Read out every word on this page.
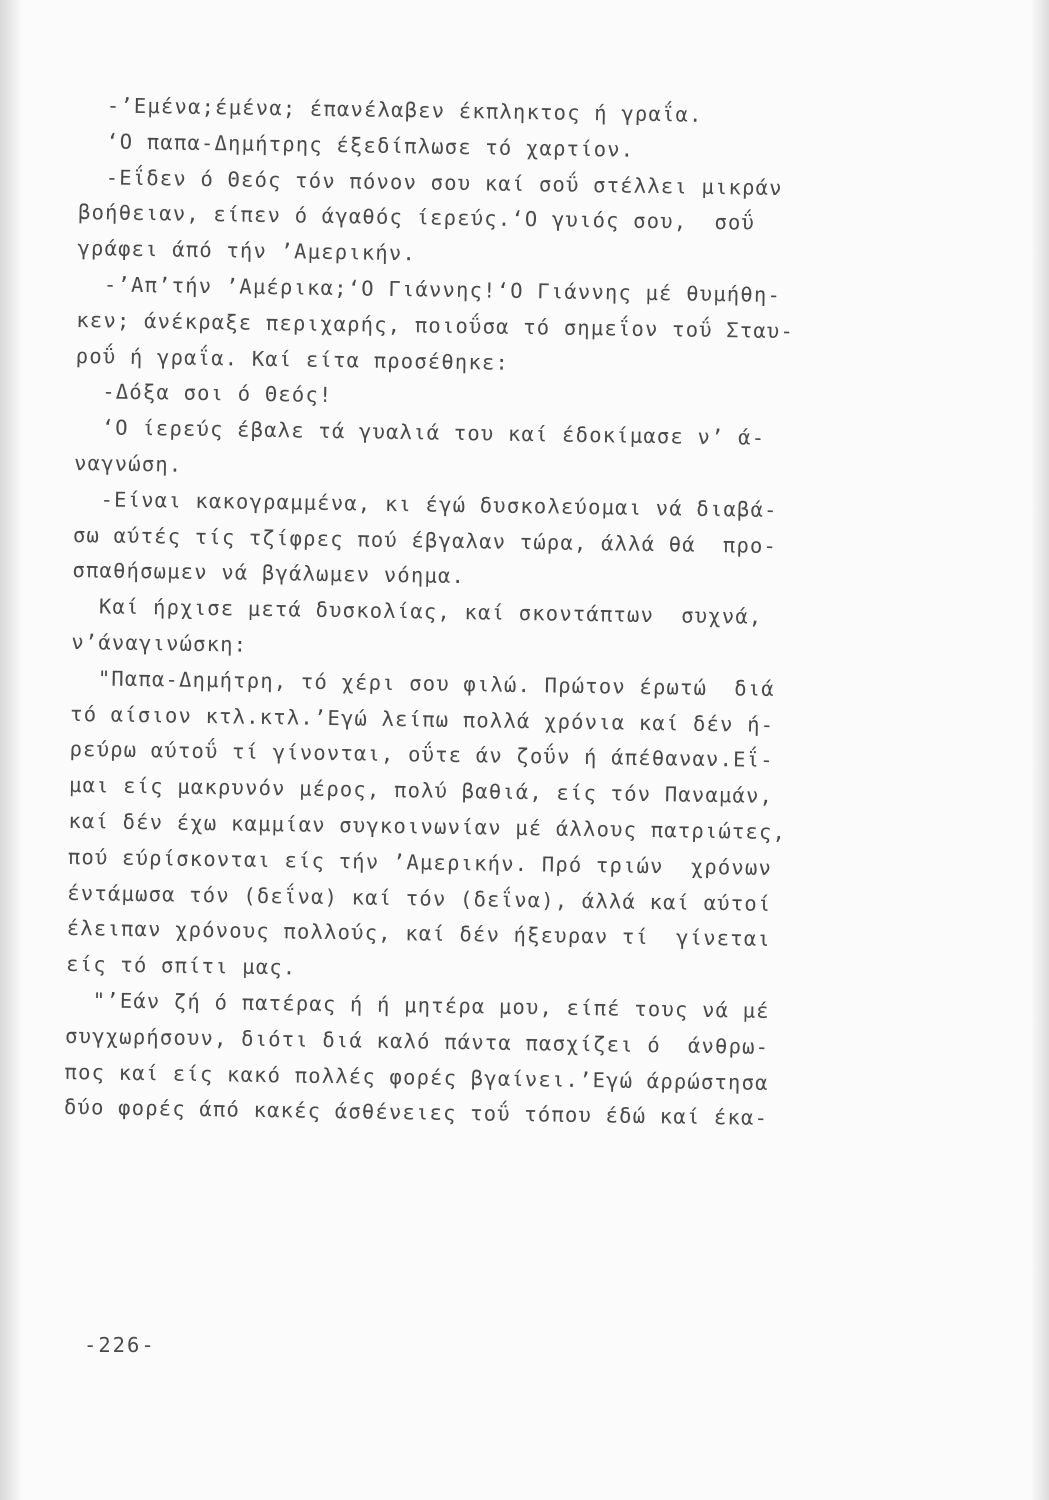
-’Εμένα;έμένα; έπανέλαβεν έκπληκτος ή γραΐα.
‘Ο παπα-Δημήτρης έξεδίπλωσε τό χαρτίον.
-Εΐδεν ό Θεός τόν πόνον σου καί σοΰ στέλλει μικράν
βοήθειαν, είπεν ό άγαθός ίερεύς.‘Ο γυιός σου,  σοΰ
γράφει άπό τήν ’Αμερικήν.
-’Απ’τήν ’Αμέρικα;‘Ο Γιάννης!‘Ο Γιάννης μέ θυμήθη-
κεν; άνέκραξε περιχαρής, ποιοΰσα τό σημεΐον τοΰ Σταυ-
ροΰ ή γραΐα. Καί είτα προσέθηκε:
-Δόξα σοι ό Θεός!
‘Ο ίερεύς έβαλε τά γυαλιά του καί έδοκίμασε ν’ ά-
ναγνώση.
-Είναι κακογραμμένα, κι έγώ δυσκολεύομαι νά διαβά-
σω αύτές τίς τζίφρες πού έβγαλαν τώρα, άλλά θά  προ-
σπαθήσωμεν νά βγάλωμεν νόημα.
Καί ήρχισε μετά δυσκολίας, καί σκοντάπτων  συχνά,
ν’άναγινώσκη:
"Παπα-Δημήτρη, τό χέρι σου φιλώ. Πρώτον έρωτώ  διά
τό αίσιον κτλ.κτλ.’Εγώ λείπω πολλά χρόνια καί δέν ή-
ρεύρω αύτοΰ τί γίνονται, οΰτε άν ζοΰν ή άπέθαναν.Εΐ-
μαι είς μακρυνόν μέρος, πολύ βαθιά, είς τόν Παναμάν,
καί δέν έχω καμμίαν συγκοινωνίαν μέ άλλους πατριώτες,
πού εύρίσκονται είς τήν ’Αμερικήν. Πρό τριών  χρόνων
έντάμωσα τόν (δεΐνα) καί τόν (δεΐνα), άλλά καί αύτοί
έλειπαν χρόνους πολλούς, καί δέν ήξευραν τί  γίνεται
είς τό σπίτι μας.
"’Εάν ζή ό πατέρας ή ή μητέρα μου, είπέ τους νά μέ
συγχωρήσουν, διότι διά καλό πάντα πασχίζει ό  άνθρω-
πος καί είς κακό πολλές φορές βγαίνει.’Εγώ άρρώστησα
δύο φορές άπό κακές άσθένειες τοΰ τόπου έδώ καί έκα-
-226-
